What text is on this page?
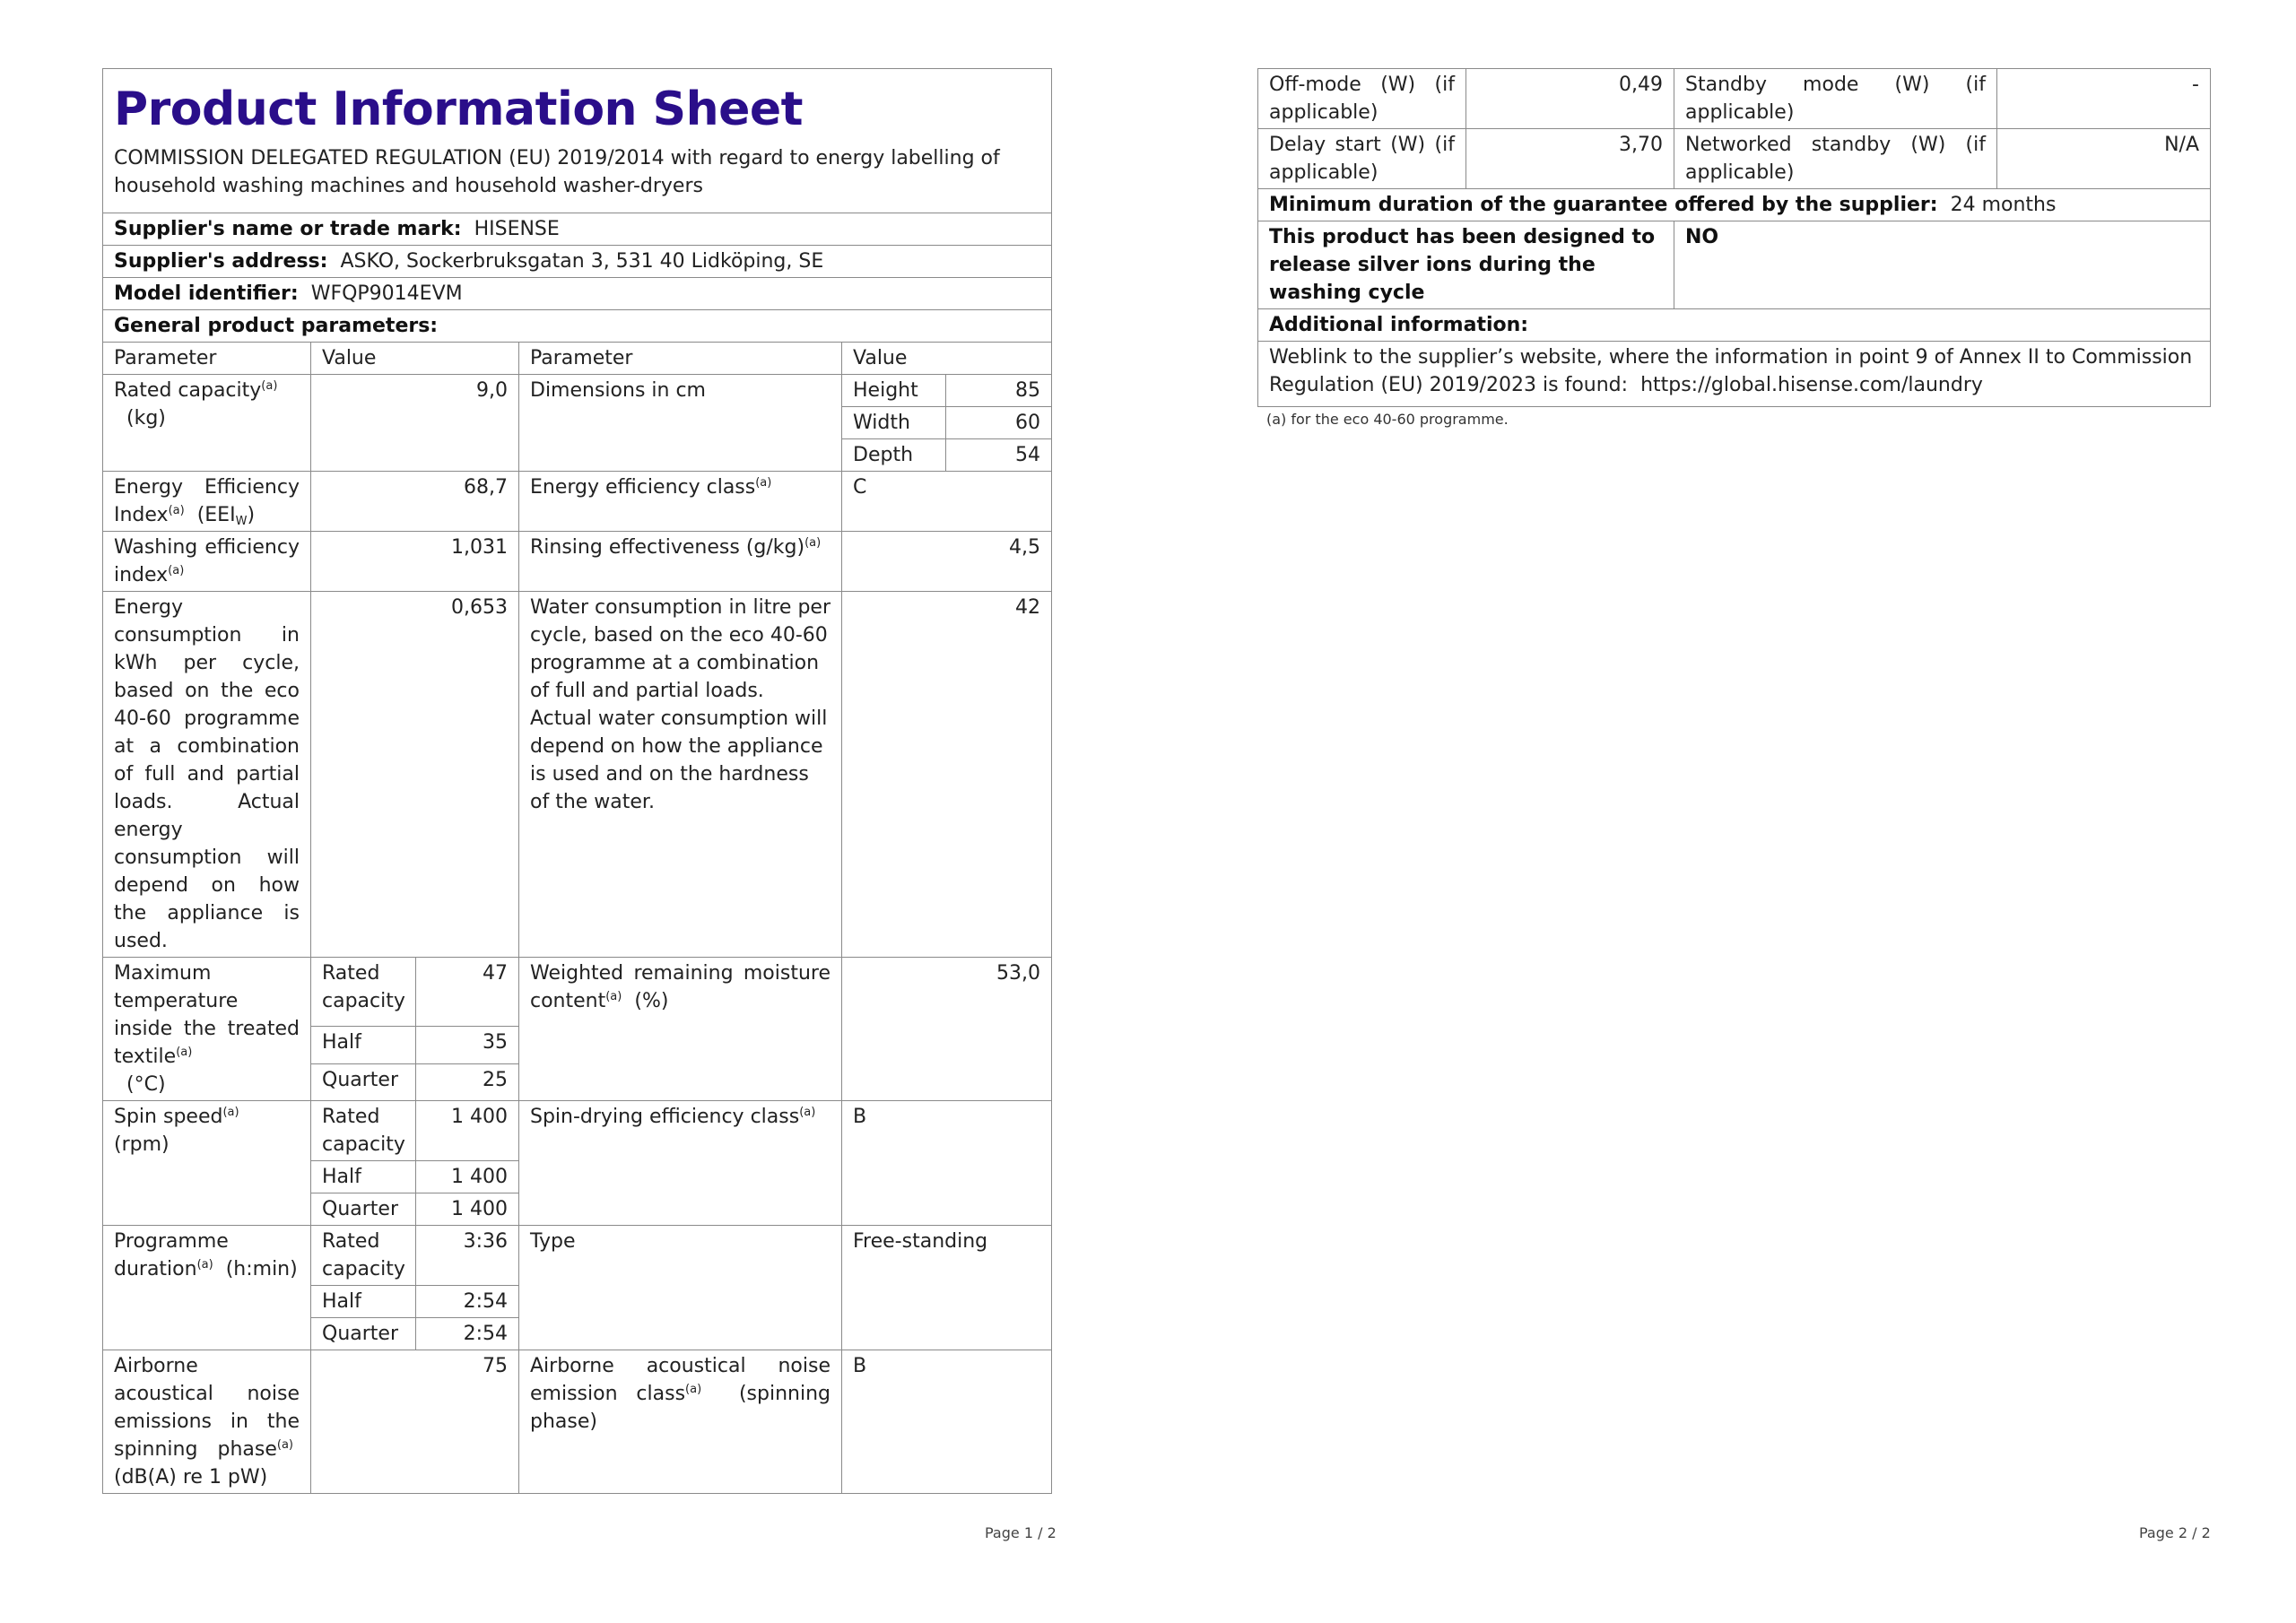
Product Information Sheet
COMMISSION DELEGATED REGULATION (EU) 2019/2014 with regard to energy labelling of household washing machines and household washer-dryers					

Supplier's name or trade mark: HISENSE					
Supplier's address: ASKO, Sockerbruksgatan 3, 531 40 Lidköping, SE					
Model identifier: WFQP9014EVM					
General product parameters:					
Parameter	Value		Parameter	Value	
Rated capacity$^{(a)}$
(kg)	9,0		Dimensions in cm	Height	85
				Width	60
				Depth	54
Energy Efficiency Index$^{(a)}$ $(EEI_W)$	68,7		Energy efficiency class$^{(a)}$	C	
Washing efficiency index$^{(a)}$	1,031		Rinsing effectiveness $(g/kg)^{(a)}$	4,5	
Energy consumption in kWh per cycle, based on the eco 40-60 programme at a combination of full and partial loads. Actual energy consumption will depend on how the appliance is used.	0,653		Water consumption in litre per cycle, based on the eco 40-60 programme at a combination of full and partial loads. Actual water consumption will depend on how the appliance is used and on the hardness of the water.	42	
Maximum temperature inside the treated textile$^{(a)}$
(°C)	Rated capacity	47	Weighted remaining moisture content$^{(a)}$ (%)	53,0	
	Half	35			
	Quarter	25			
Spin speed$^{(a)}$  (rpm)	Rated capacity	1 400	Spin-drying efficiency class$^{(a)}$	B	
	Half	1 400			
	Quarter	1 400			
Programme duration$^{(a)}$ (h:min)	Rated capacity	3:36	Type	Free-standing	
	Half	2:54			
	Quarter	2:54			
Airborne acoustical noise emissions in the spinning phase$^{(a)}$  (dB(A) re 1 pW)	75		Airborne acoustical noise emission class$^{(a)}$ (spinning phase)	B	
Page 1 / 2
Off-mode (W) (if applicable)	0,49	Standby mode (W) (if applicable)	-
Delay start (W) (if applicable)	3,70	Networked standby (W) (if applicable)	N/A
Minimum duration of the guarantee offered by the supplier: 24 months			
This product has been designed to release silver ions during the washing cycle		NO	
Additional information:			
Weblink to the supplier’s website, where the information in point 9 of Annex II to Commission Regulation (EU) 2019/2023 is found: https://global.hisense.com/laundry			
(a) for the eco 40-60 programme.
Page 2 / 2
